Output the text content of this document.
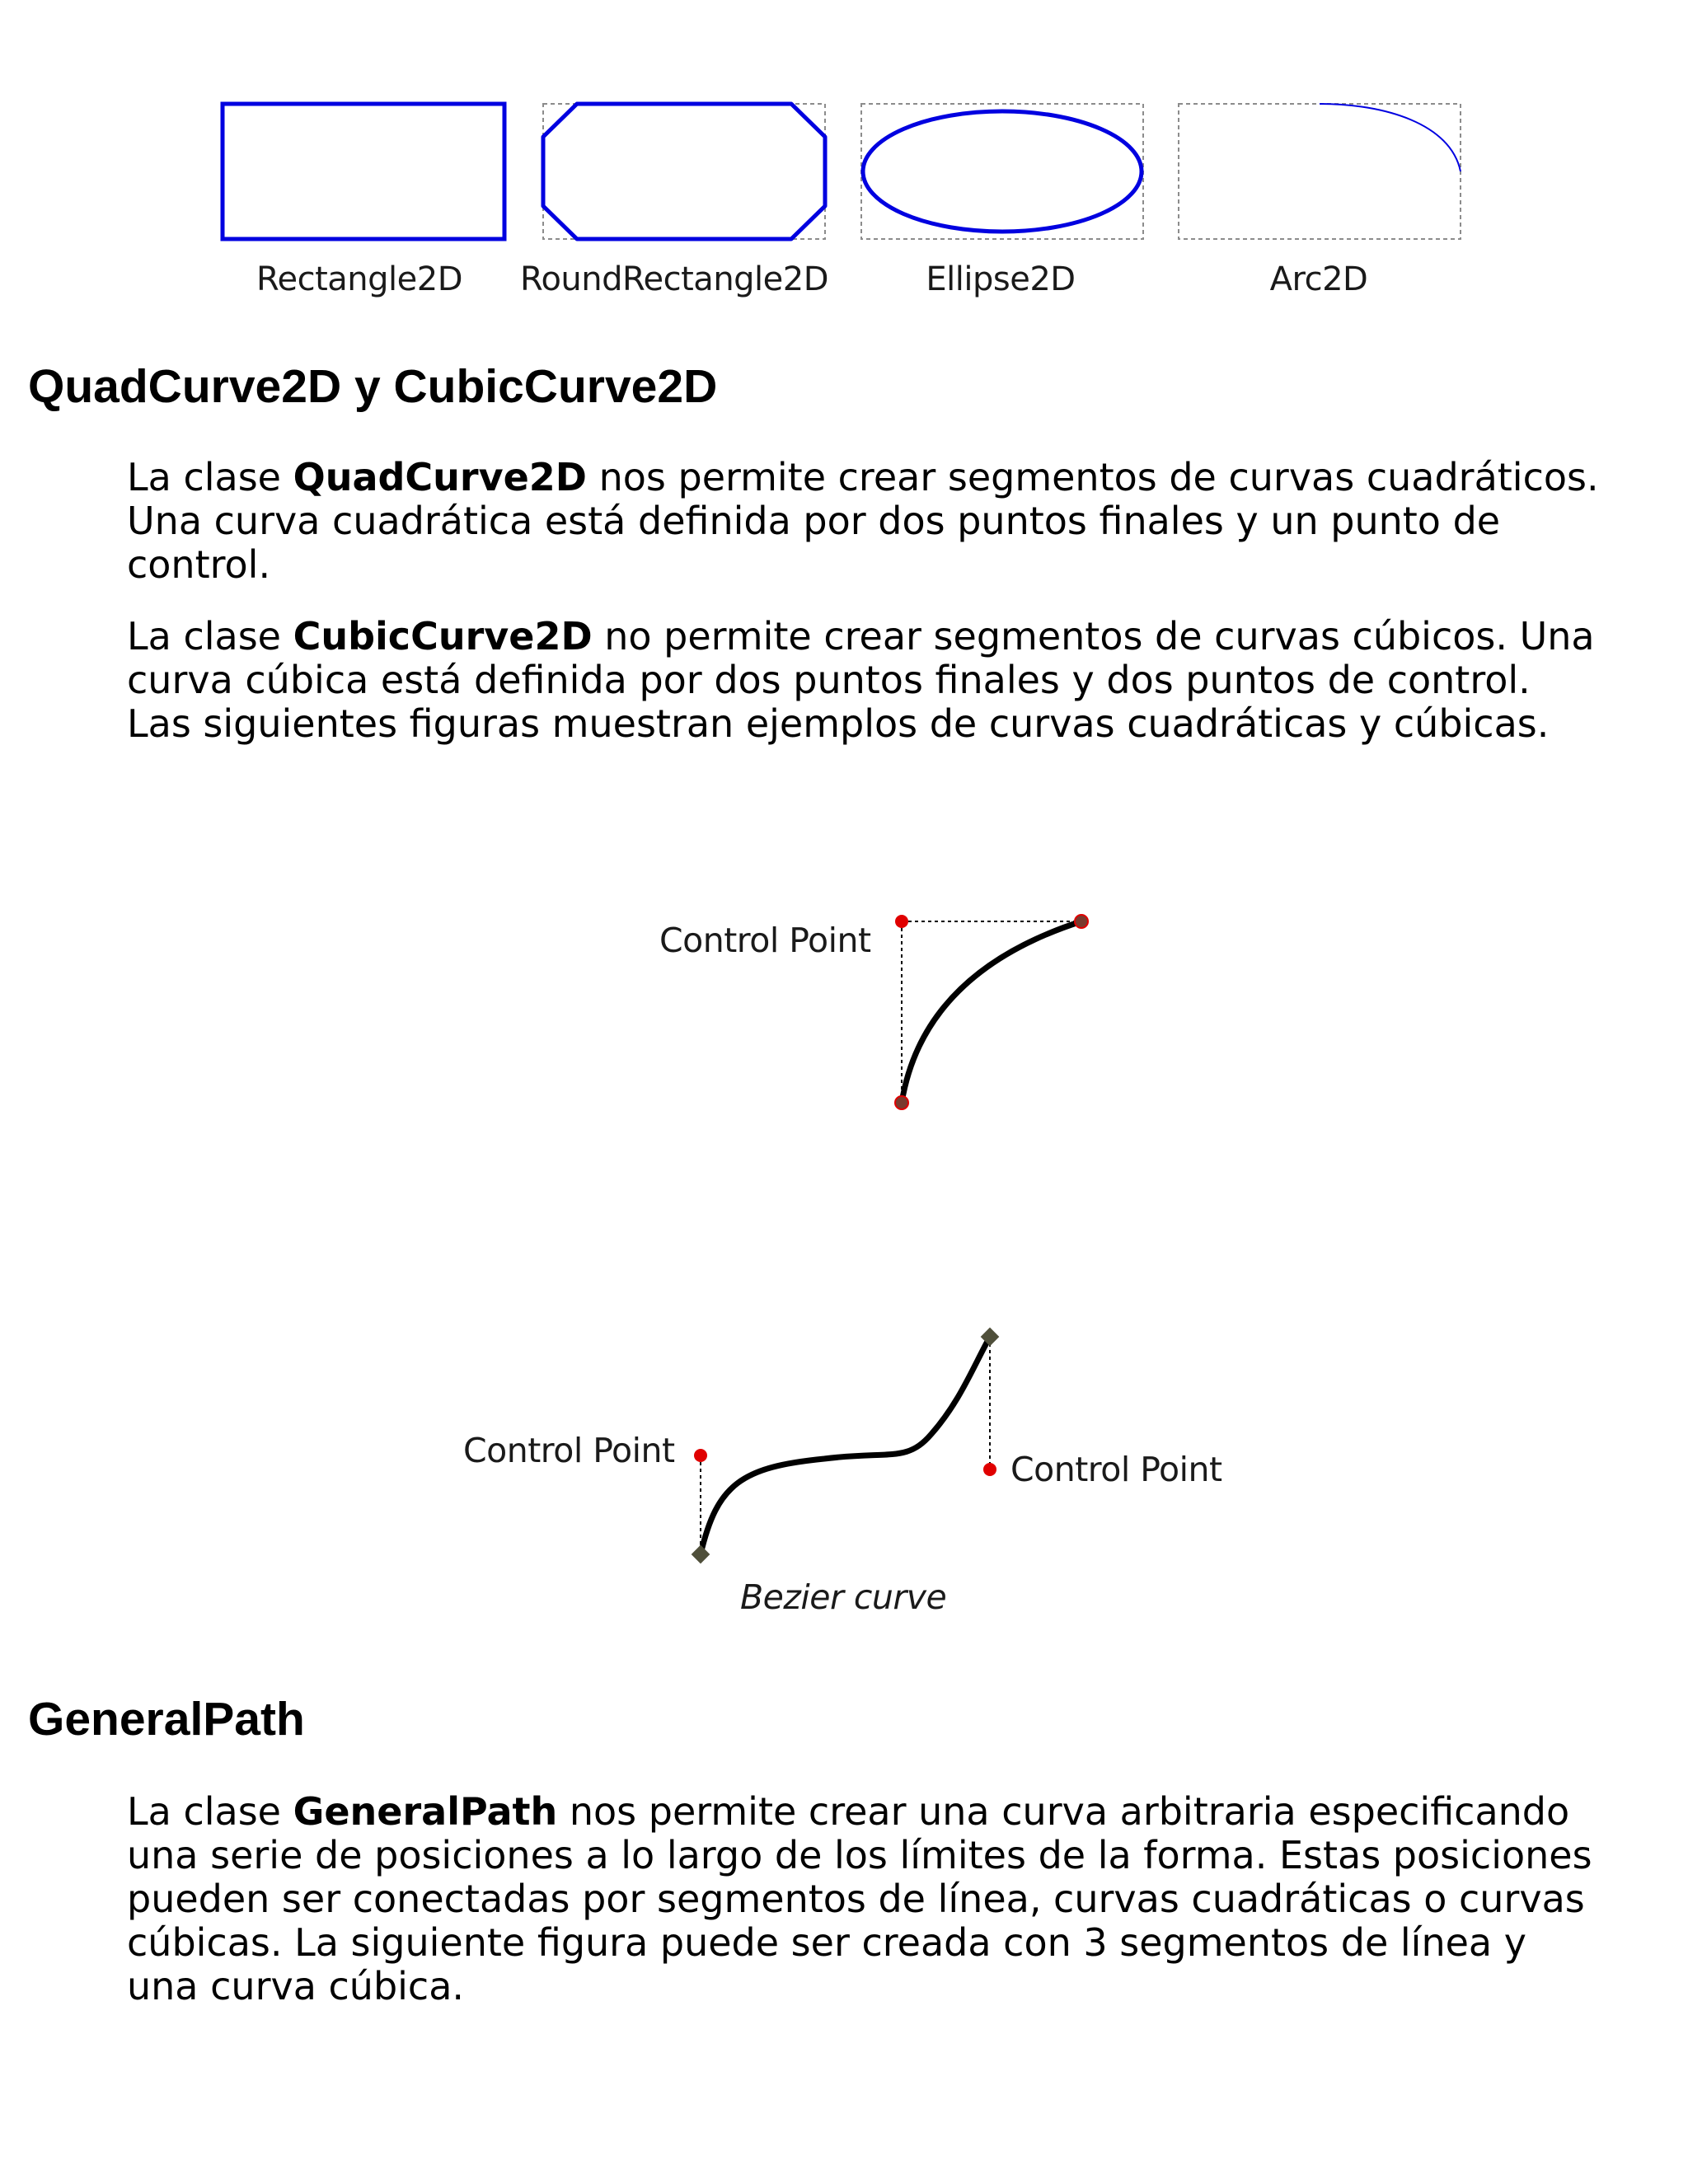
Rectangle2D RoundRectangle2D	Ellipse2D	Arc2D
QuadCurve2D y CubicCurve2D

La clase QuadCurve2D nos permite crear segmentos de curvas cuadráticos. Una curva cuadrática está definida por dos puntos finales y un punto de control.

La clase CubicCurve2D no permite crear segmentos de curvas cúbicos. Una curva cúbica está definida por dos puntos finales y dos puntos de control. Las siguientes figuras muestran ejemplos de curvas cuadráticas y cúbicas.

Control Point
Control Point	Control Point
Bezier curve
GeneralPath

La clase GeneralPath nos permite crear una curva arbitraria especificando una serie de posiciones a lo largo de los límites de la forma. Estas posiciones pueden ser conectadas por segmentos de línea, curvas cuadráticas o curvas cúbicas. La siguiente figura puede ser creada con 3 segmentos de línea y una curva cúbica.
